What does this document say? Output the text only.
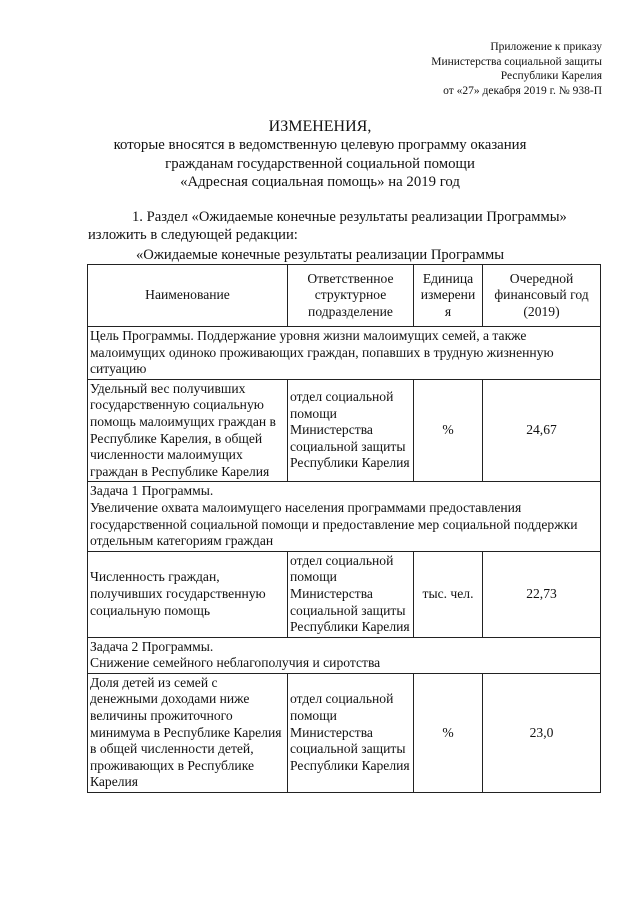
Приложение к приказу
Министерства социальной защиты
Республики Карелия
от «27» декабря 2019 г. № 938-П
ИЗМЕНЕНИЯ,
которые вносятся в ведомственную целевую программу оказания
гражданам государственной социальной помощи
«Адресная социальная помощь» на 2019 год
1. Раздел «Ожидаемые конечные результаты реализации Программы» изложить в следующей редакции:
«Ожидаемые конечные результаты реализации Программы
Наименование	Ответственное структурное подразделение	Единица измерени я	Очередной финансовый год (2019)
Цель Программы. Поддержание уровня жизни малоимущих семей, а также малоимущих одиноко проживающих граждан, попавших в трудную жизненную ситуацию			
Удельный вес получивших государственную социальную помощь малоимущих граждан в Республике Карелия, в общей численности малоимущих граждан в Республике Карелия	отдел социальной помощи Министерства социальной защиты Республики Карелия	%	24,67
Задача 1 Программы.
Увеличение охвата малоимущего населения программами предоставления государственной социальной помощи и предоставление мер социальной поддержки отдельным категориям граждан			
Численность граждан, получивших государственную социальную помощь	отдел социальной помощи Министерства социальной защиты Республики Карелия	тыс. чел.	22,73
Задача 2 Программы.
Снижение семейного неблагополучия и сиротства			
Доля детей из семей с денежными доходами ниже величины прожиточного минимума в Республике Карелия в общей численности детей, проживающих в Республике Карелия	отдел социальной помощи Министерства социальной защиты Республики Карелия	%	23,0
